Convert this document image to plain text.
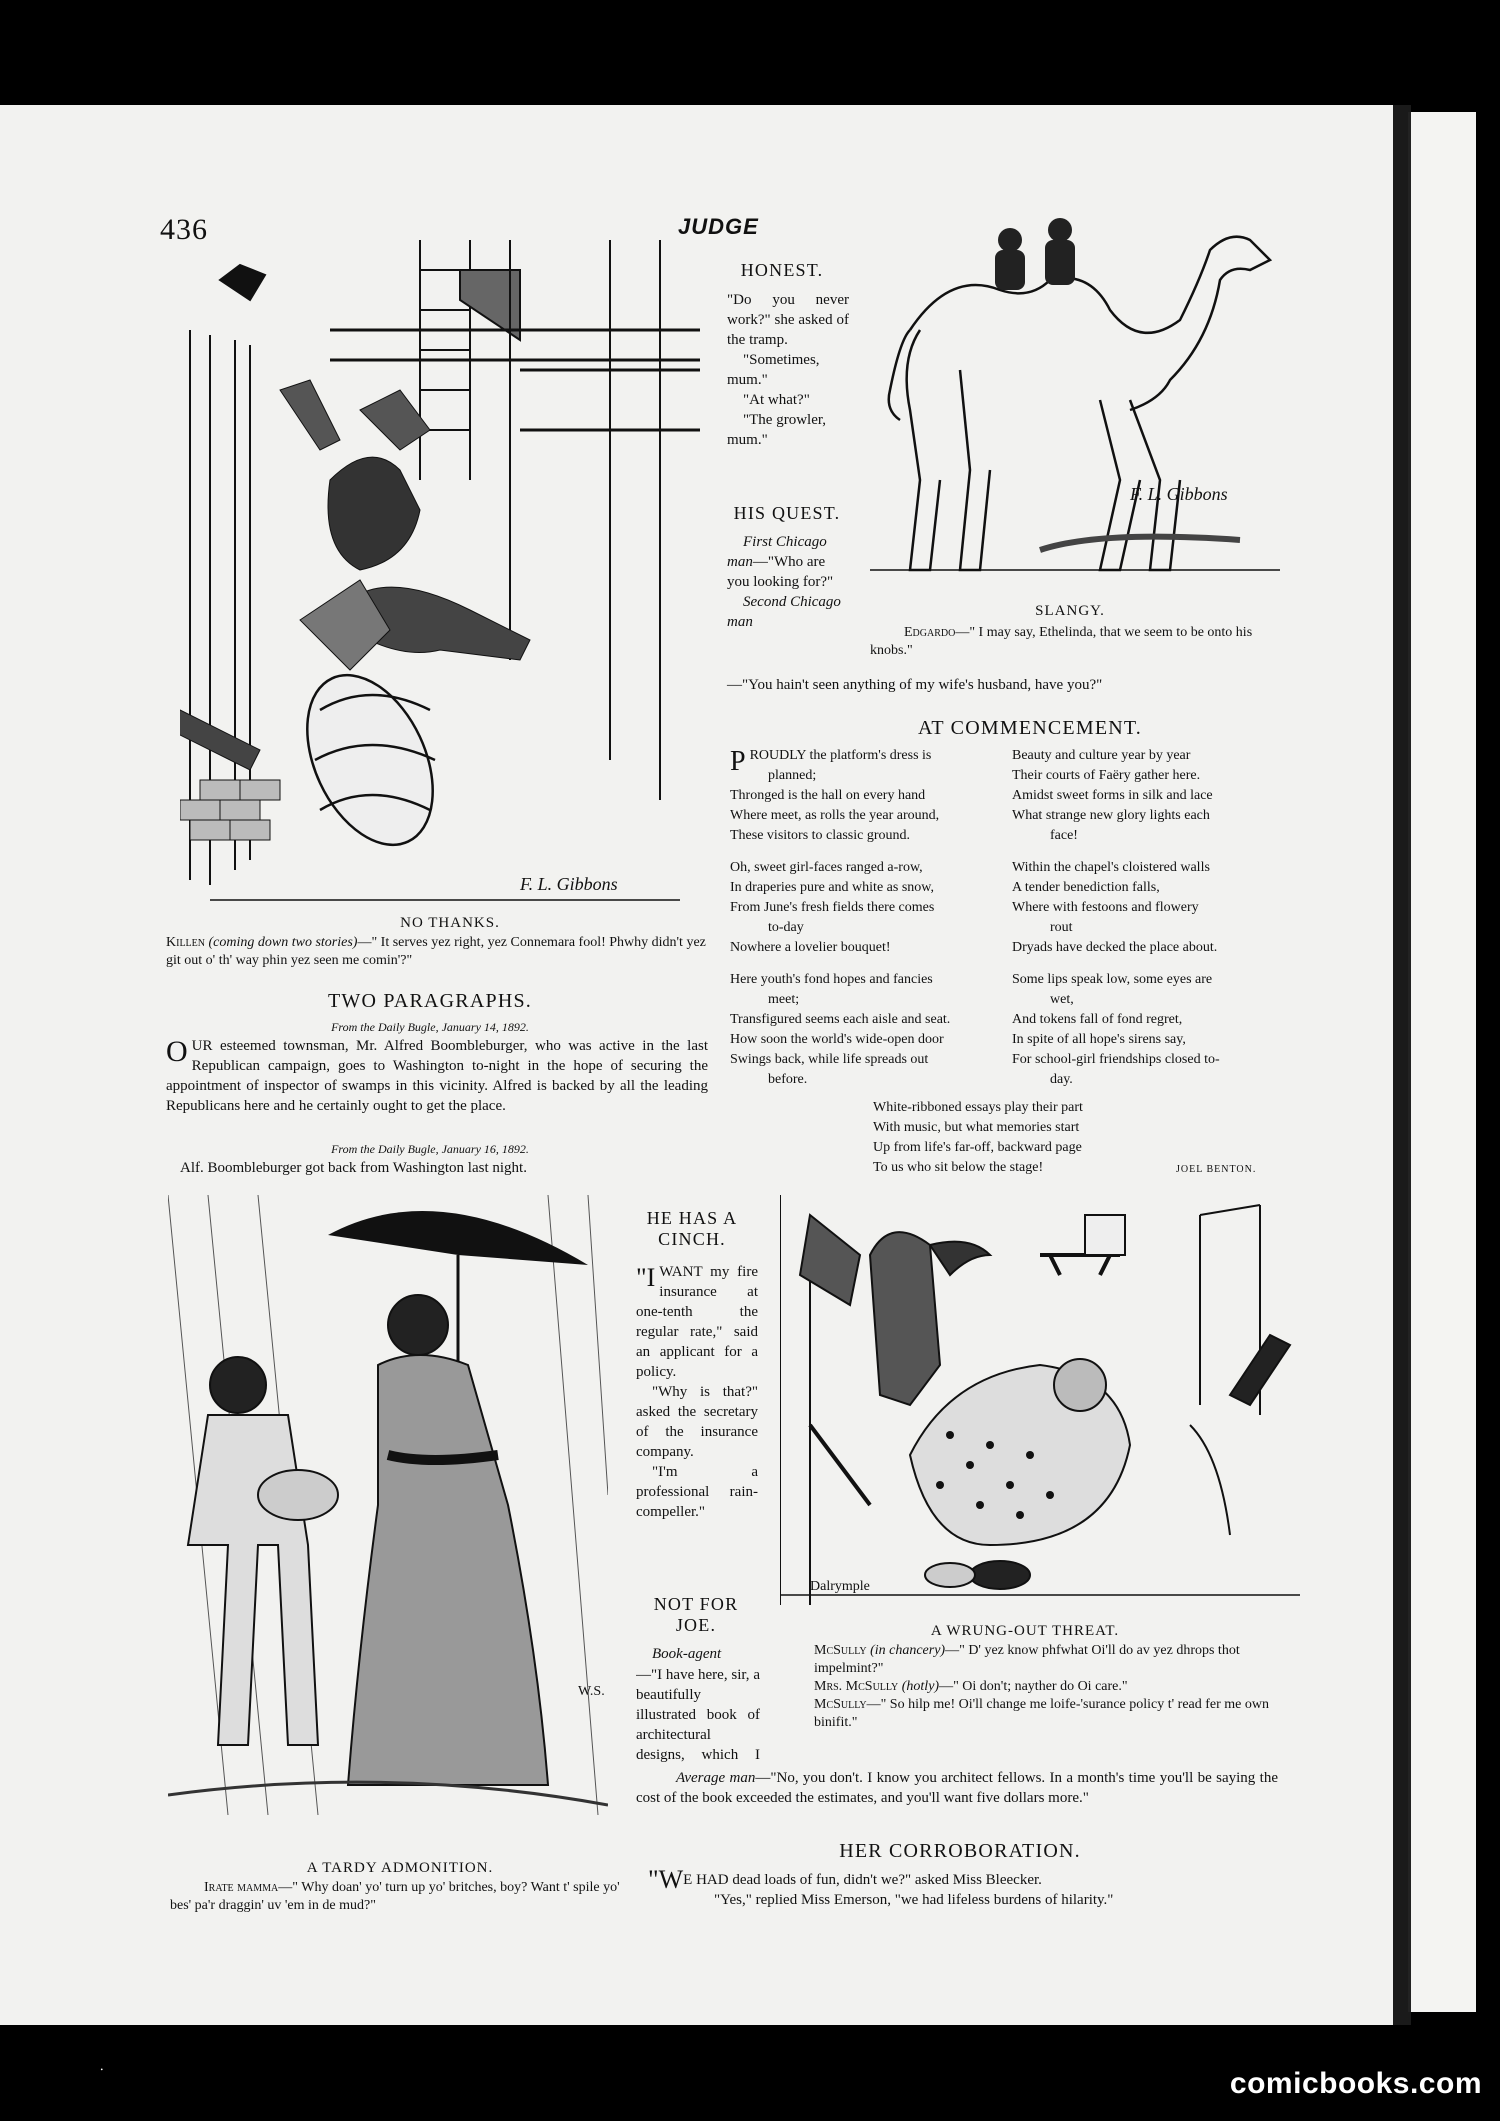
436	JUDGE
F. L. Gibbons
NO THANKS.
Killen (coming down two stories)—" It serves yez right, yez Connemara fool! Phwhy didn't yez git out o' th' way phin yez seen me comin'?"
TWO PARAGRAPHS.
From the Daily Bugle, January 14, 1892.
OUR esteemed townsman, Mr. Alfred Boombleburger, who was active in the last Republican campaign, goes to Washington to-night in the hope of securing the appointment of inspector of swamps in this vicinity. Alfred is backed by all the leading Republicans here and he certainly ought to get the place.
From the Daily Bugle, January 16, 1892.
Alf. Boombleburger got back from Washington last night.
HONEST.

"Do you never work?" she asked of the tramp.

"Sometimes, mum."

"At what?"

"The growler, mum."

HIS QUEST.

First Chicago man—"Who are you looking for?"

Second Chicago man

—"You hain't seen anything of my wife's husband, have you?"
F. L. Gibbons
SLANGY.
Edgardo—" I may say, Ethelinda, that we seem to be onto his knobs."
AT COMMENCEMENT.
PROUDLY the platform's dress is
planned;
Thronged is the hall on every hand
Where meet, as rolls the year around,
These visitors to classic ground.
Oh, sweet girl-faces ranged a-row,
In draperies pure and white as snow,
From June's fresh fields there comes
to-day
Nowhere a lovelier bouquet!
Here youth's fond hopes and fancies
meet;
Transfigured seems each aisle and seat.
How soon the world's wide-open door
Swings back, while life spreads out
before.
Beauty and culture year by year
Their courts of Faëry gather here.
Amidst sweet forms in silk and lace
What strange new glory lights each
face!
Within the chapel's cloistered walls
A tender benediction falls,
Where with festoons and flowery
rout
Dryads have decked the place about.
Some lips speak low, some eyes are
wet,
And tokens fall of fond regret,
In spite of all hope's sirens say,
For school-girl friendships closed to-
day.
White-ribboned essays play their part
With music, but what memories start
Up from life's far-off, backward page
To us who sit below the stage!	JOEL BENTON.
W.S.
A TARDY ADMONITION.
Irate mamma—" Why doan' yo' turn up yo' britches, boy? Want t' spile yo' bes' pa'r draggin' uv 'em in de mud?"
HE HAS A CINCH.

"IWANT my fire insurance at one-tenth the regular rate," said an applicant for a policy.

"Why is that?" asked the secretary of the insurance company.

"I'm a professional rain-compeller."

NOT FOR JOE.

Book-agent

—"I have here, sir, a beautifully illustrated book of architectural designs, which I
Average man—"No, you don't. I know you architect fellows. In a month's time you'll be saying the cost of the book exceeded the estimates, and you'll want five dollars more."
Dalrymple
A WRUNG-OUT THREAT.

McSully (in chancery)—" D' yez know phfwhat Oi'll do av yez dhrops thot impelmint?"

Mrs. McSully (hotly)—" Oi don't; nayther do Oi care."

McSully—" So hilp me! Oi'll change me loife-'surance policy t' read fer me own binifit."

HER CORROBORATION.

"WE HAD dead loads of fun, didn't we?" asked Miss Bleecker.

"Yes," replied Miss Emerson, "we had lifeless burdens of hilarity."

∙	comicbooks.com
